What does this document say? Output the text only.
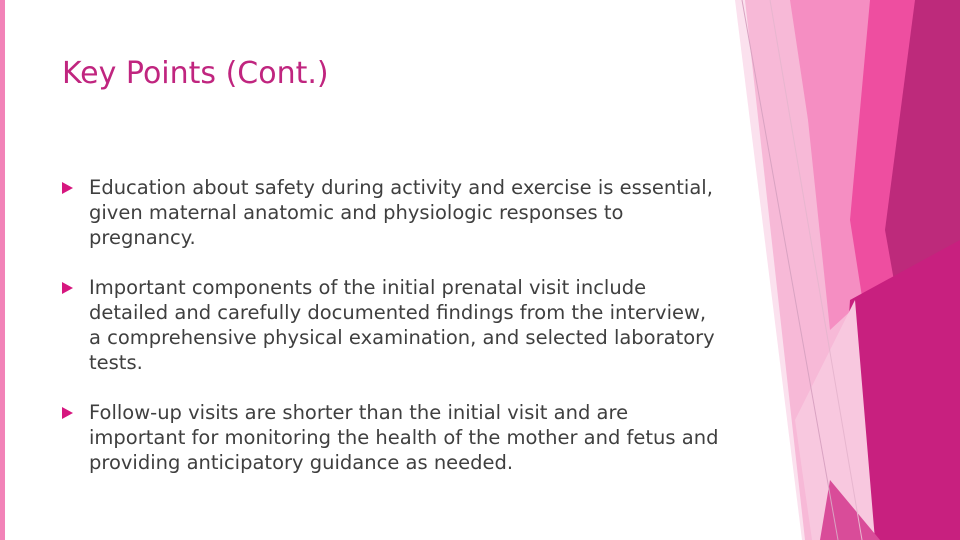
Key Points (Cont.)
Education about safety during activity and exercise is essential, given maternal anatomic and physiologic responses to pregnancy.
Important components of the initial prenatal visit include detailed and carefully documented findings from the interview, a comprehensive physical examination, and selected laboratory tests.
Follow-up visits are shorter than the initial visit and are important for monitoring the health of the mother and fetus and providing anticipatory guidance as needed.
